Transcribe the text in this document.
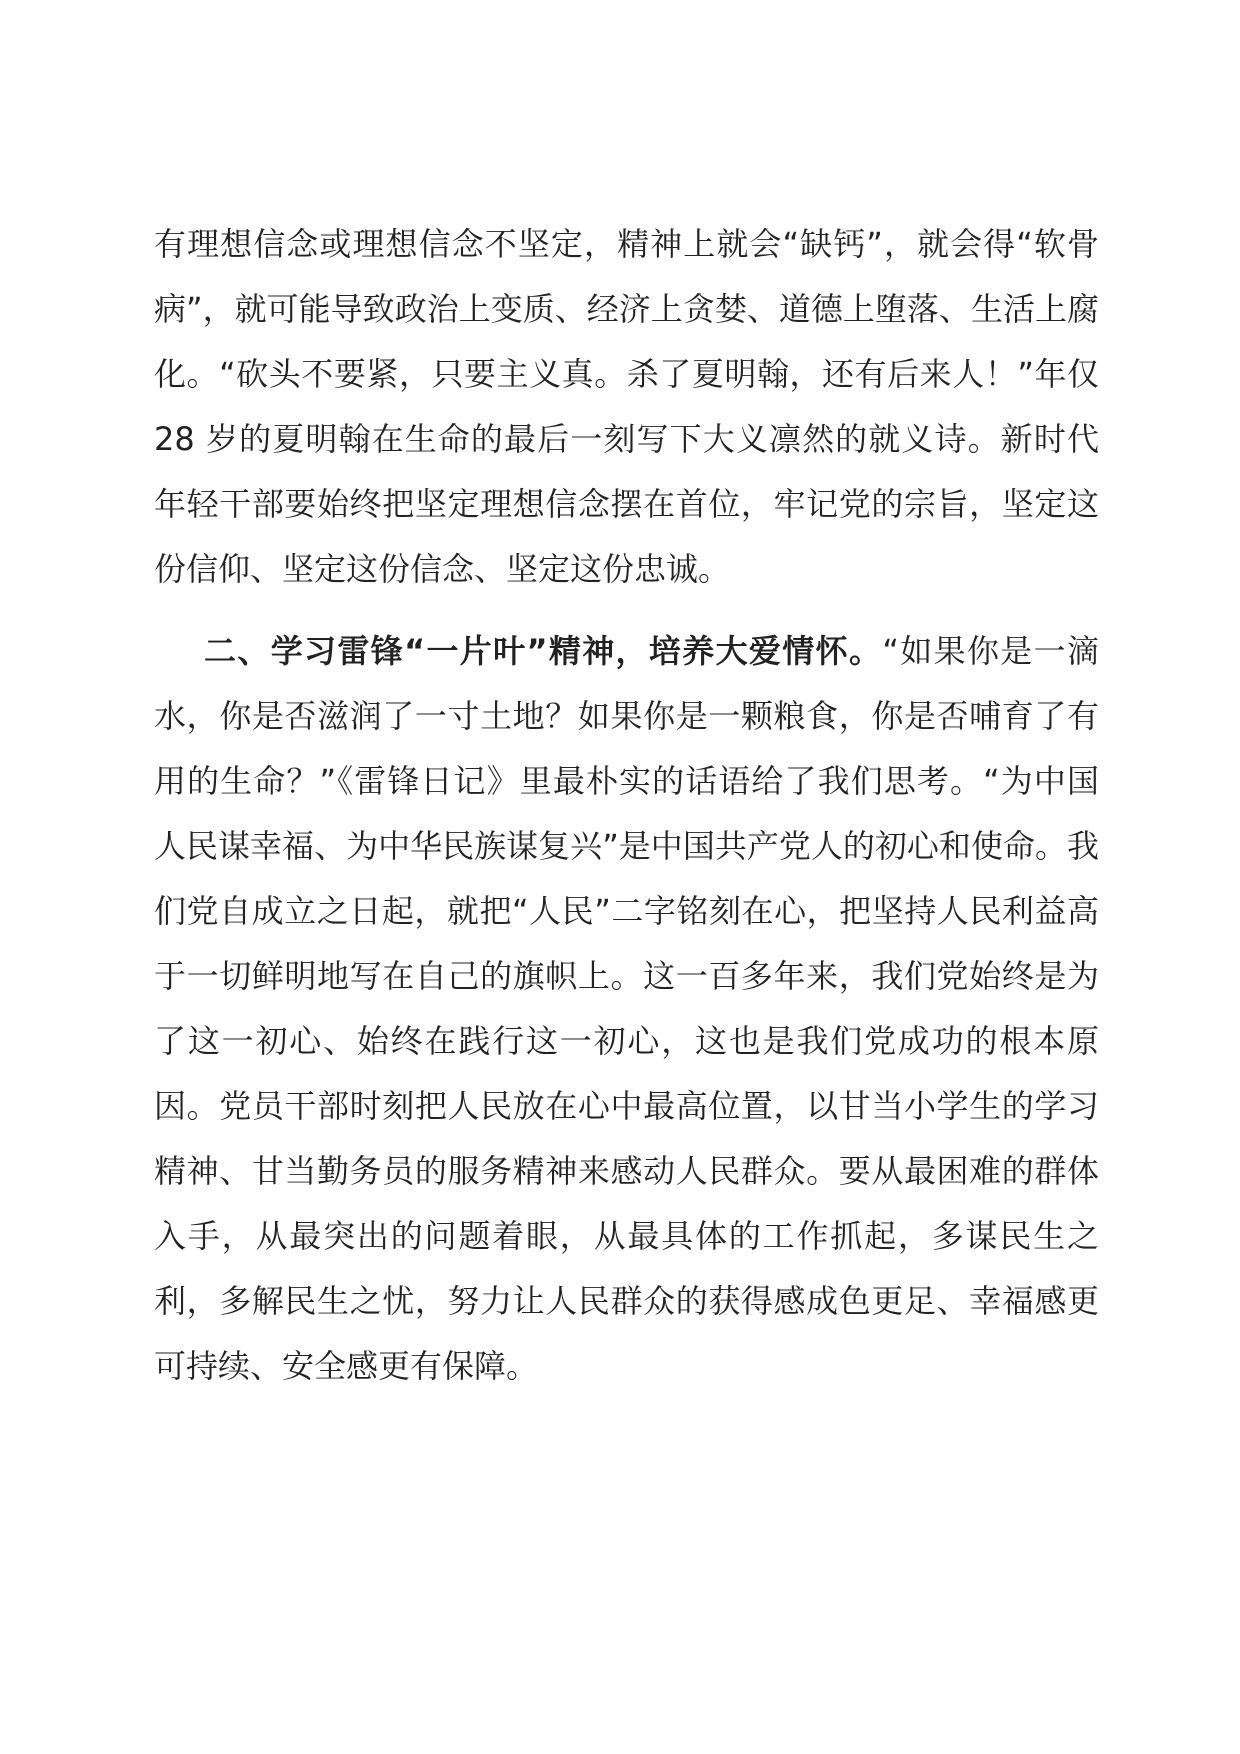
有理想信念或理想信念不坚定，精神上就会“缺钙”，就会得“软骨病”，就可能导致政治上变质、经济上贪婪、道德上堕落、生活上腐化。“砍头不要紧，只要主义真。杀了夏明翰，还有后来人！”年仅 28 岁的夏明翰在生命的最后一刻写下大义凛然的就义诗。新时代年轻干部要始终把坚定理想信念摆在首位，牢记党的宗旨，坚定这份信仰、坚定这份信念、坚定这份忠诚。

二、学习雷锋“一片叶”精神，培养大爱情怀。“如果你是一滴水，你是否滋润了一寸土地？如果你是一颗粮食，你是否哺育了有用的生命？”《雷锋日记》里最朴实的话语给了我们思考。“为中国人民谋幸福、为中华民族谋复兴”是中国共产党人的初心和使命。我们党自成立之日起，就把“人民”二字铭刻在心，把坚持人民利益高于一切鲜明地写在自己的旗帜上。这一百多年来，我们党始终是为了这一初心、始终在践行这一初心，这也是我们党成功的根本原因。党员干部时刻把人民放在心中最高位置，以甘当小学生的学习精神、甘当勤务员的服务精神来感动人民群众。要从最困难的群体入手，从最突出的问题着眼，从最具体的工作抓起，多谋民生之利，多解民生之忧，努力让人民群众的获得感成色更足、幸福感更可持续、安全感更有保障。
